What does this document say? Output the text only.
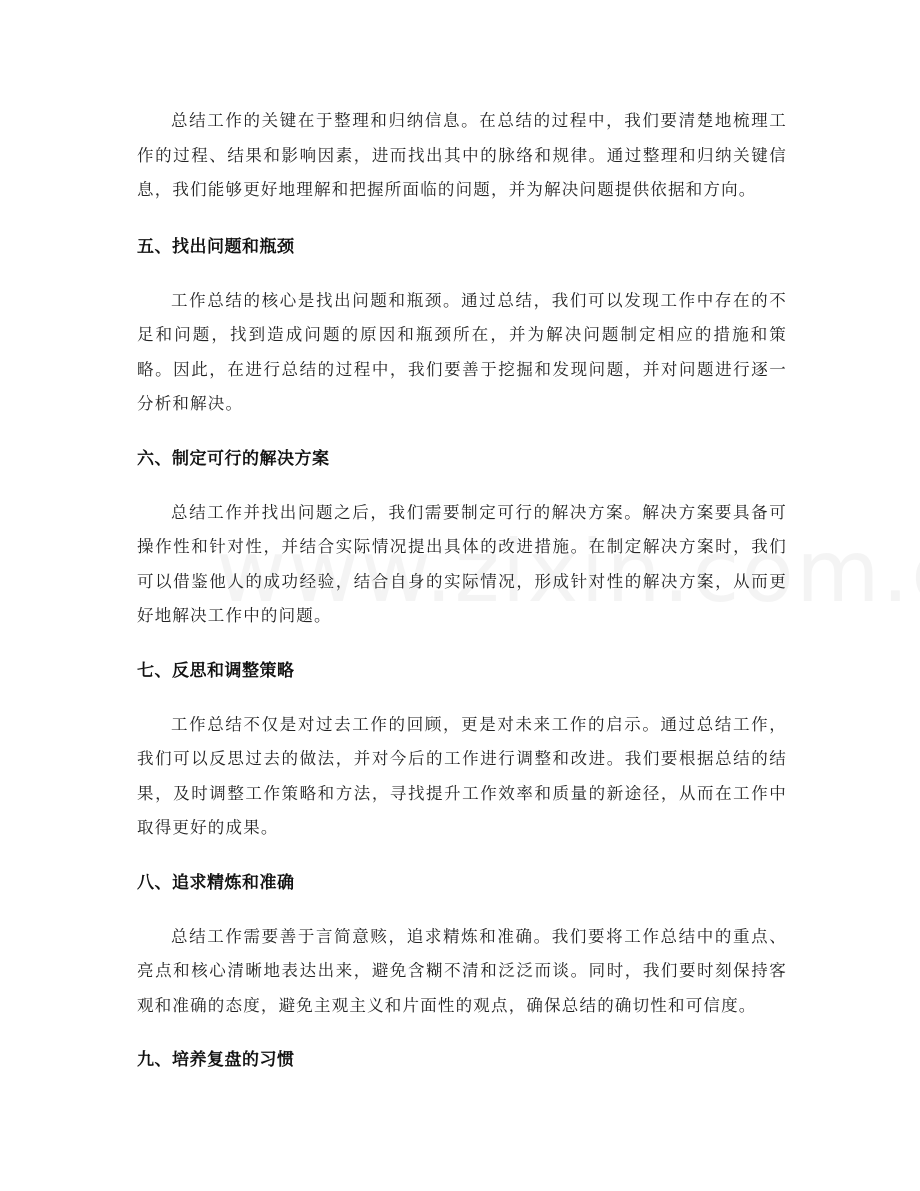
总结工作的关键在于整理和归纳信息。在总结的过程中，我们要清楚地梳理工作的过程、结果和影响因素，进而找出其中的脉络和规律。通过整理和归纳关键信息，我们能够更好地理解和把握所面临的问题，并为解决问题提供依据和方向。

五、找出问题和瓶颈

工作总结的核心是找出问题和瓶颈。通过总结，我们可以发现工作中存在的不足和问题，找到造成问题的原因和瓶颈所在，并为解决问题制定相应的措施和策略。因此，在进行总结的过程中，我们要善于挖掘和发现问题，并对问题进行逐一分析和解决。

六、制定可行的解决方案

总结工作并找出问题之后，我们需要制定可行的解决方案。解决方案要具备可操作性和针对性，并结合实际情况提出具体的改进措施。在制定解决方案时，我们可以借鉴他人的成功经验，结合自身的实际情况，形成针对性的解决方案，从而更好地解决工作中的问题。

七、反思和调整策略

工作总结不仅是对过去工作的回顾，更是对未来工作的启示。通过总结工作，我们可以反思过去的做法，并对今后的工作进行调整和改进。我们要根据总结的结果，及时调整工作策略和方法，寻找提升工作效率和质量的新途径，从而在工作中取得更好的成果。

八、追求精炼和准确

总结工作需要善于言简意赅，追求精炼和准确。我们要将工作总结中的重点、亮点和核心清晰地表达出来，避免含糊不清和泛泛而谈。同时，我们要时刻保持客观和准确的态度，避免主观主义和片面性的观点，确保总结的确切性和可信度。

九、培养复盘的习惯
